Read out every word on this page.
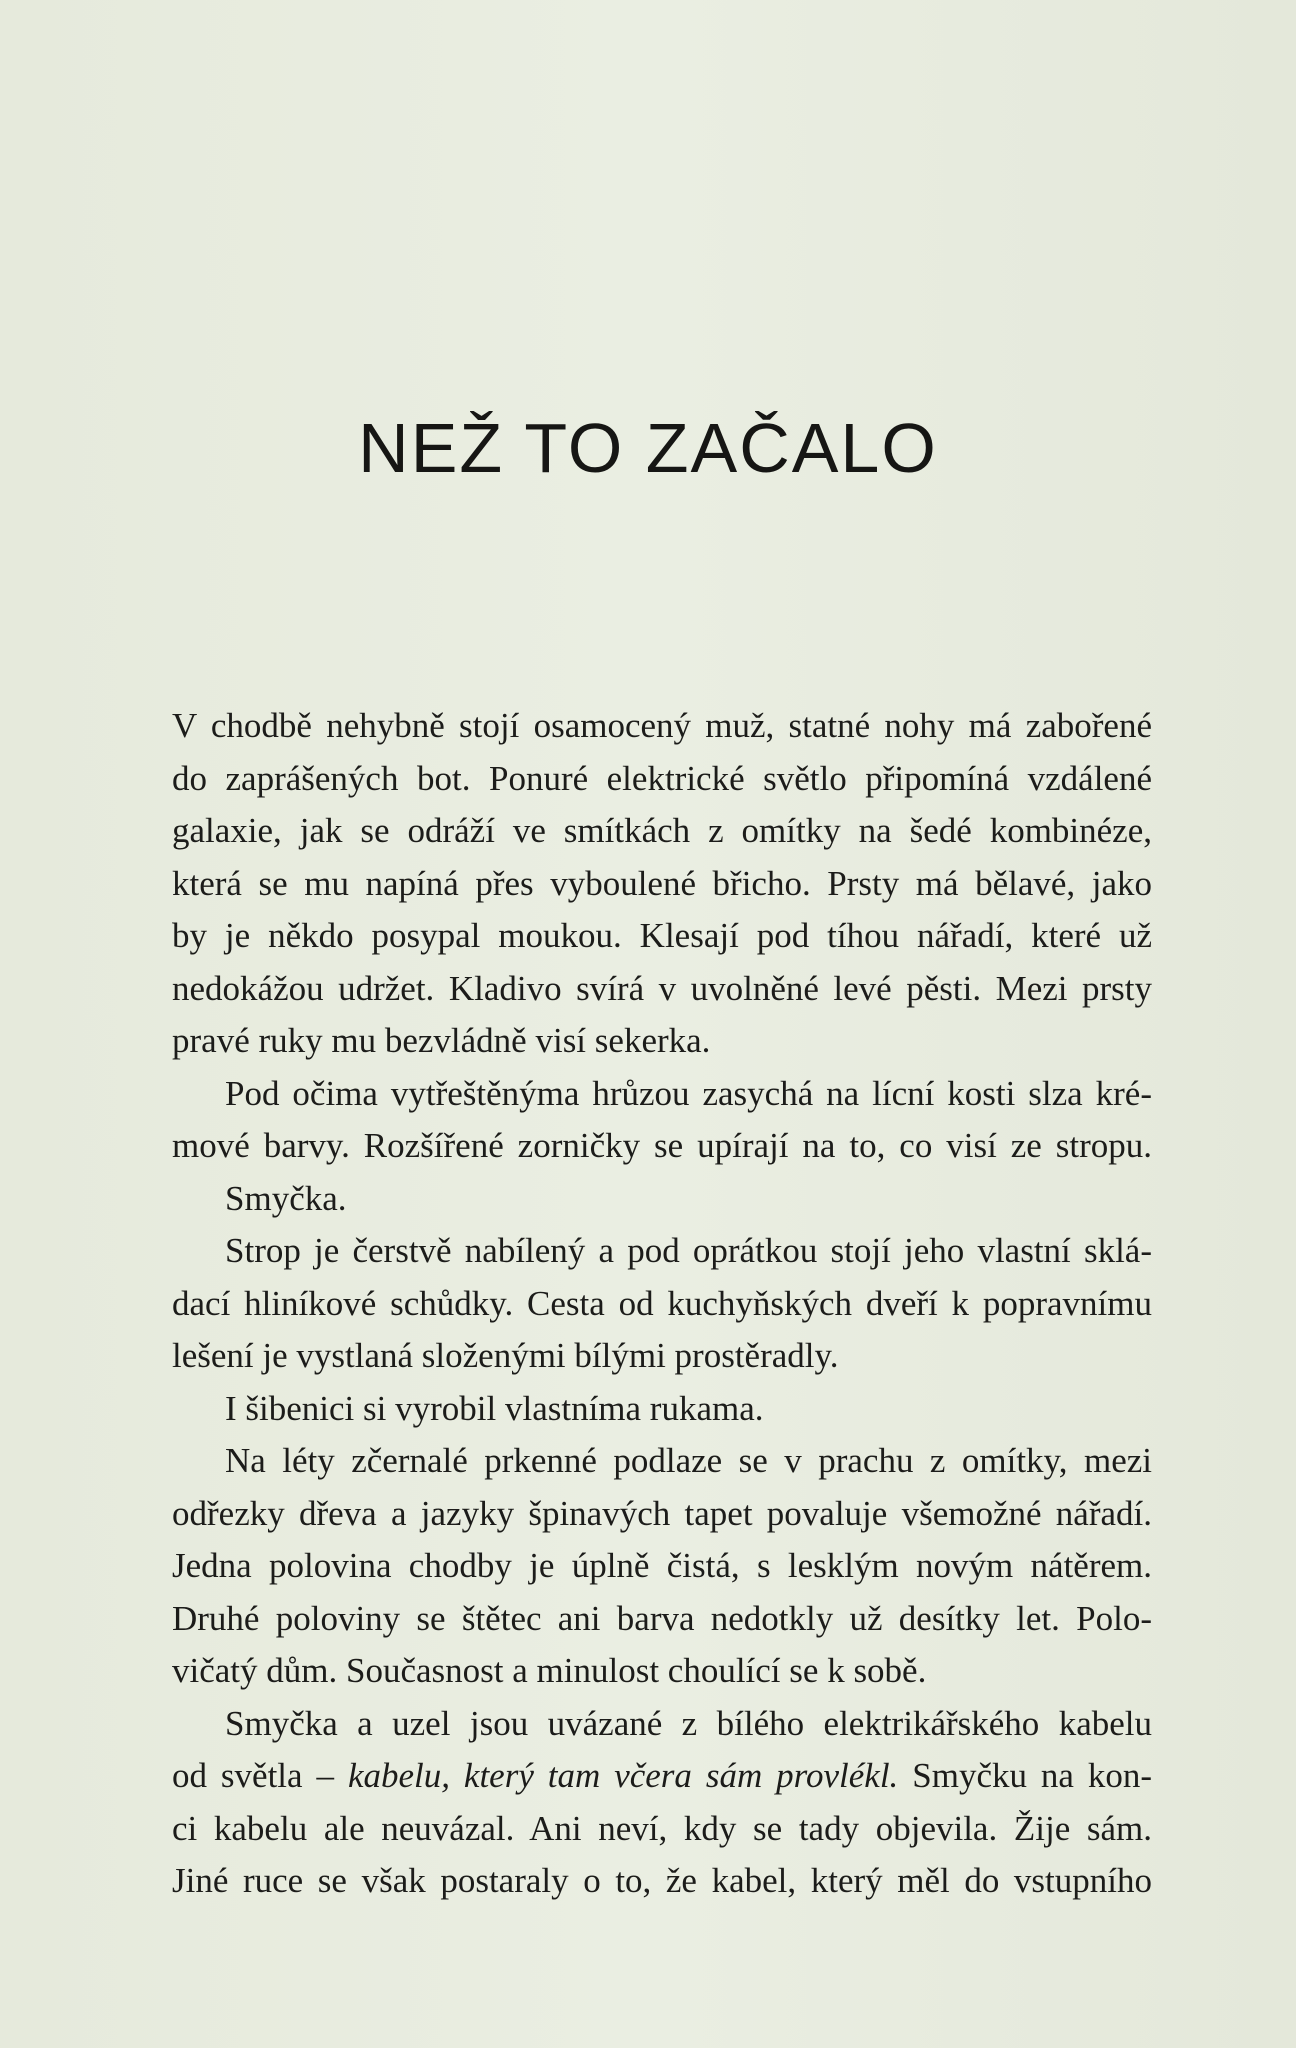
NEŽ TO ZAČALO
V chodbě nehybně stojí osamocený muž, statné nohy má zabořené
do zaprášených bot. Ponuré elektrické světlo připomíná vzdálené
galaxie, jak se odráží ve smítkách z omítky na šedé kombinéze,
která se mu napíná přes vyboulené břicho. Prsty má bělavé, jako
by je někdo posypal moukou. Klesají pod tíhou nářadí, které už
nedokážou udržet. Kladivo svírá v uvolněné levé pěsti. Mezi prsty
pravé ruky mu bezvládně visí sekerka.
Pod očima vytřeštěnýma hrůzou zasychá na lícní kosti slza kré-
mové barvy. Rozšířené zorničky se upírají na to, co visí ze stropu.
Smyčka.
Strop je čerstvě nabílený a pod oprátkou stojí jeho vlastní sklá-
dací hliníkové schůdky. Cesta od kuchyňských dveří k popravnímu
lešení je vystlaná složenými bílými prostěradly.
I šibenici si vyrobil vlastníma rukama.
Na léty zčernalé prkenné podlaze se v prachu z omítky, mezi
odřezky dřeva a jazyky špinavých tapet povaluje všemožné nářadí.
Jedna polovina chodby je úplně čistá, s lesklým novým nátěrem.
Druhé poloviny se štětec ani barva nedotkly už desítky let. Polo-
vičatý dům. Současnost a minulost choulící se k sobě.
Smyčka a uzel jsou uvázané z bílého elektrikářského kabelu
od světla – kabelu, který tam včera sám provlékl. Smyčku na kon-
ci kabelu ale neuvázal. Ani neví, kdy se tady objevila. Žije sám.
Jiné ruce se však postaraly o to, že kabel, který měl do vstupního
